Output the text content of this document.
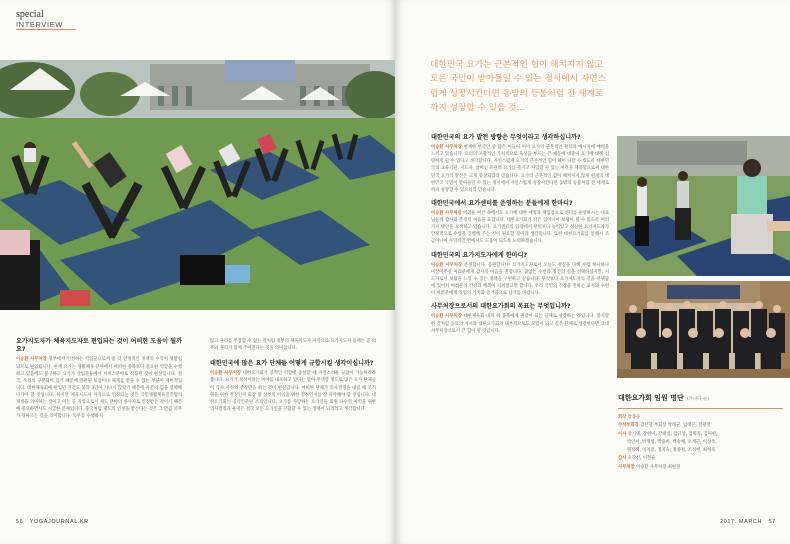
special
INTERVIEW
요가지도자가 체육지도자로 편입되는 것이 어떠한 도움이 될까요?

이승환 사무처장 정부에서 인정하는 직업군으로서 좀 더 안정적인 정책의 수익이 뒷받침 되므로 편입됩니다. 현재 요가는 생활체육 분야에서 어떠한 종목보다 중요한 역할을 수행하고 있음에도 불구하고 요가가 산업분류에서 서비스분야로 직접된 것이 현실입니다. 결국, 우리의 구분되어 있기 때문에 일관된 보장이나 체계를 받을 수 있는 부분이 제한적입니다. 대한체육회에 편입된 기간도 불과 3년이 지나지 않았기 때문에 자문의 힘을 진행해 나가야 할 것입니다. 하지만 체육지도자 자격으로 인정되는 것은 국민생활체육진흥법의 개정을 의미하는 것이고 이는 곧 직업으로서 제도 분야의 종사자로 인정받는 것이기 때문에 중요하면서도 시급한 문제입니다. 중국처럼 제도의 인정을 받는다는 것은 그 만큼 의무가 뒤따르는 것을 의미합니다. 의무를 수행하지

않고 권리를 주장할 수 없는 것처럼 정부의 체육지도자 자격으로 요가지도자 등재는 곧 의무와 권리가 함께 주어진다는 것을 의미합니다.

대한민국에 많은 요가 단체들 어떻게 규합시킬 생각이십니까?

이승환 사무처장 대한요가회가 공적인 역할에 충실할 때 자연스러운 규합이 가능하리라 봅니다. 요가가 정착이라는 이야를 내포하고 있다는 말이 무색할 정도로 많은 요가 단체들이 각자 자신의 주장만을 하는 것이 현실입니다. 어떠한 단체가 의사결정을 내릴 때 조직원을 위한 결정인지 회장 및 상부의 이익을 위한 결정인지를 잘 파악해야 할 것입니다. 대한요가회는 공식인준된 조직입니다. 요가를 사랑하는 요가인들 회원 다수의 이익을 위한 의사결정과 운영은 결국 모든 요가인을 규합할 수 있는 정책이 되리라고 생각합니다.

56 YOGAJOURNAL.KR
대한민국의 요가 발전 방향은 무엇이라고 생각하십니까?

이승환 사무처장 현재한 한국인 중 많은 이들이 이미 요가의 근본적인 철학과 메시지에 매력을 느끼고 있습니다. 요의의 포괄적인 가치적으로 육성을 부르는 큰 때문에 대중이 요가에 대해 심량하게 될 수 있다고 생각합니다. 자연스럽게 요가의 근본적인 힘이 헤어 나갈 수 있도록 대한민국의 교육기관, 지도자, 참여인 유관의 요가를 즐기고 사랑할 수 있는 여건을 체공할으로써 대한민국 요가의 발전은 크게 향상되리라 믿습니다. 요가의 근본적인 힘이 해쳐지지 않게 현재의 대한민국 국민이 받아들일 수 있는 정서에서 자연스럽게 성장시킨다면 동방의 등불처럼 전 세계로까지 성장할 수 있으리라 믿습니다.

대한민국에서 요가센터를 운영하는 분들에게 한마디?

이승환 사무처장 어려운 여건 속에서도 요가에 대한 애정과 책임감으로 센터를 운영하시는 대표님들께 감사와 존경의 마음을 표합니다. 대한요가회가 작은 힘이나마 보탬이 될 수 있도록 여러 가지 방안을 모색하고 있습니다. 요가센터의 입장에서 무엇보다 능력있고 성실한 요가지도자가 안정적으로 수업을 진행해 주는 것이 필요할 것이라 생각합니다. 또한 대한요가회를 통해서 조금이나마 수익적인 면에서도 도움이 되도록 노력하겠습니다.

대한민국의 요가지도자에게 한마디?

이승환 사무처장 존경합니다. 응원합니다! 요가지도자로서 오늘도 성실을 다해 수업 하나하나 이끌어주실 여러분에게 감사의 마음을 전합니다. 꿈없는 수련과 정진의 길을 선택하셨지만, 지도자로서 보람을 느낄 수 있는 정책을 구현하고 싶습니다. 무엇보다 요가지도자의 길을 선택함에 있어서 여러분의 건강과 행복이 지켜졌으면 합니다. 우리 국민의 건강을 전하는 교사와 수련이 여러분에게 직업의 가치와 즐거움으로 남기를 바랍니다.

사무처장으로서의 대한요가회의 목표는 무엇입니까?

이승환 사무처장 대한체육회 내의 위 종목에게 권장이 되는 단체로 성장하는 것입니다. 앞서말한 것처럼 동료의 지시와 대한요가회의 내부적으로도 모범이 되고 싶은 단체로 성장한다면 요대 사무처장으로서 큰 힘이 될 것입니다.

2017. MARCH 57
대한민국 요가는 근본적인 힘이 해치지지 않고 모든 국민이 받아들일 수 있는 정서에서 자연스럽게 성장시킨다면 동방의 등불처럼 전 세계로까지 성장할 수 있을 것…
대한요가회 임원 명단 (가나다 순)
회장 장종수
수석부회장 김선향 부회장 박래균, 임태근, 전광일
이사 강기명, 강현미, 강태심, 김규상, 김명옥, 김미현,
박인서, 박명섭, 박윤희, 백승배, 오계근, 이상옥,
원정혜, 이지용, 정지숙, 정종철, 조정현, 최희옥
감사 오강선, 이철순
사무처장 이승환 사무차장 최현철
